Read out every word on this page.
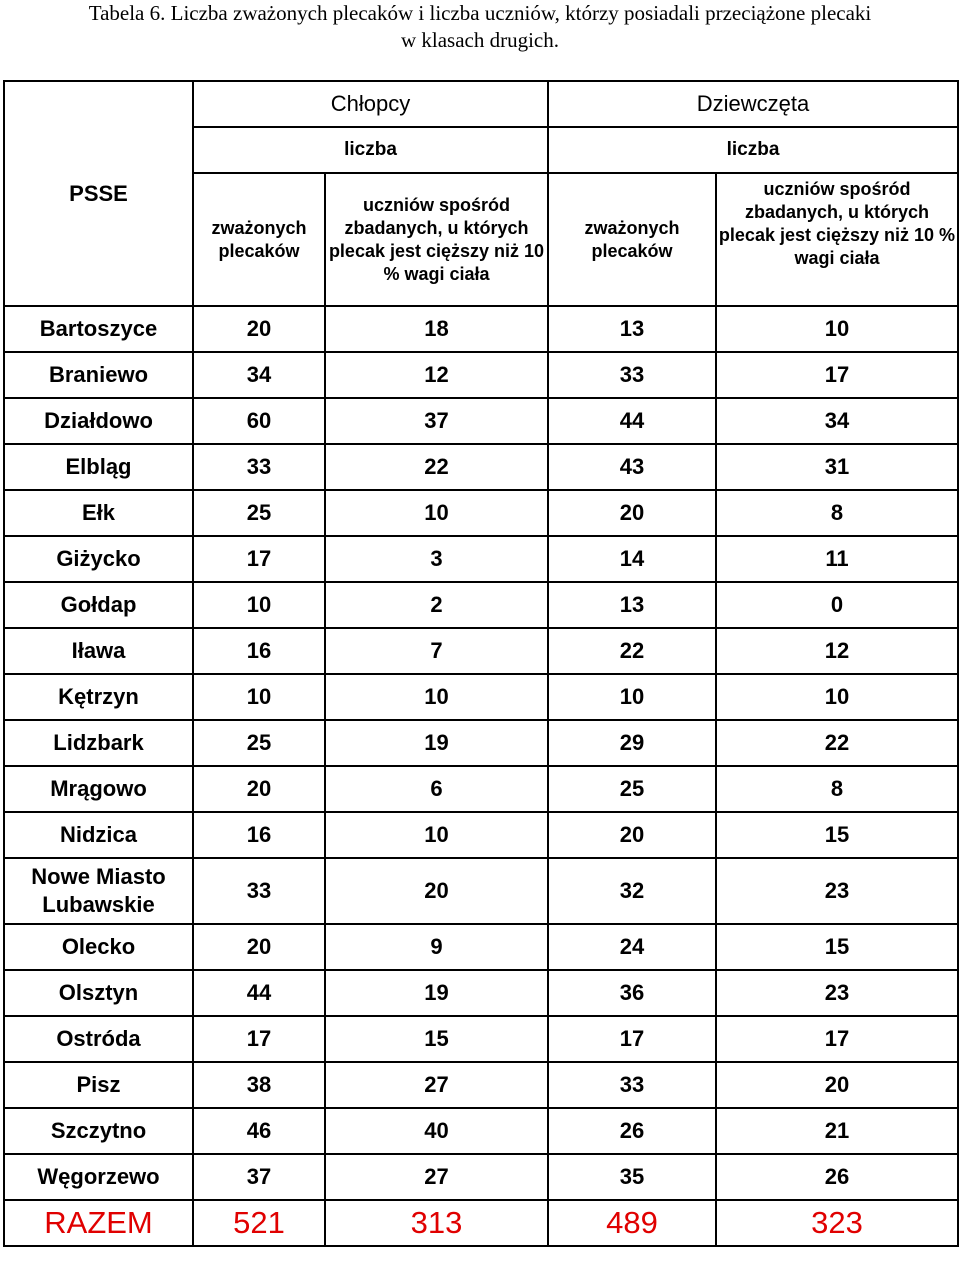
Tabela 6. Liczba zważonych plecaków i liczba uczniów, którzy posiadali przeciążone plecaki
w klasach drugich.
PSSE	Chłopcy		Dziewczęta	
	liczba		liczba	
	zważonych plecaków	uczniów spośród zbadanych, u których plecak jest cięższy niż 10 % wagi ciała	zważonych plecaków	uczniów spośród zbadanych, u których plecak jest cięższy niż 10 % wagi ciała
Bartoszyce	20	18	13	10
Braniewo	34	12	33	17
Działdowo	60	37	44	34
Elbląg	33	22	43	31
Ełk	25	10	20	8
Giżycko	17	3	14	11
Gołdap	10	2	13	0
Iława	16	7	22	12
Kętrzyn	10	10	10	10
Lidzbark	25	19	29	22
Mrągowo	20	6	25	8
Nidzica	16	10	20	15
Nowe Miasto Lubawskie	33	20	32	23
Olecko	20	9	24	15
Olsztyn	44	19	36	23
Ostróda	17	15	17	17
Pisz	38	27	33	20
Szczytno	46	40	26	21
Węgorzewo	37	27	35	26
RAZEM	521	313	489	323
